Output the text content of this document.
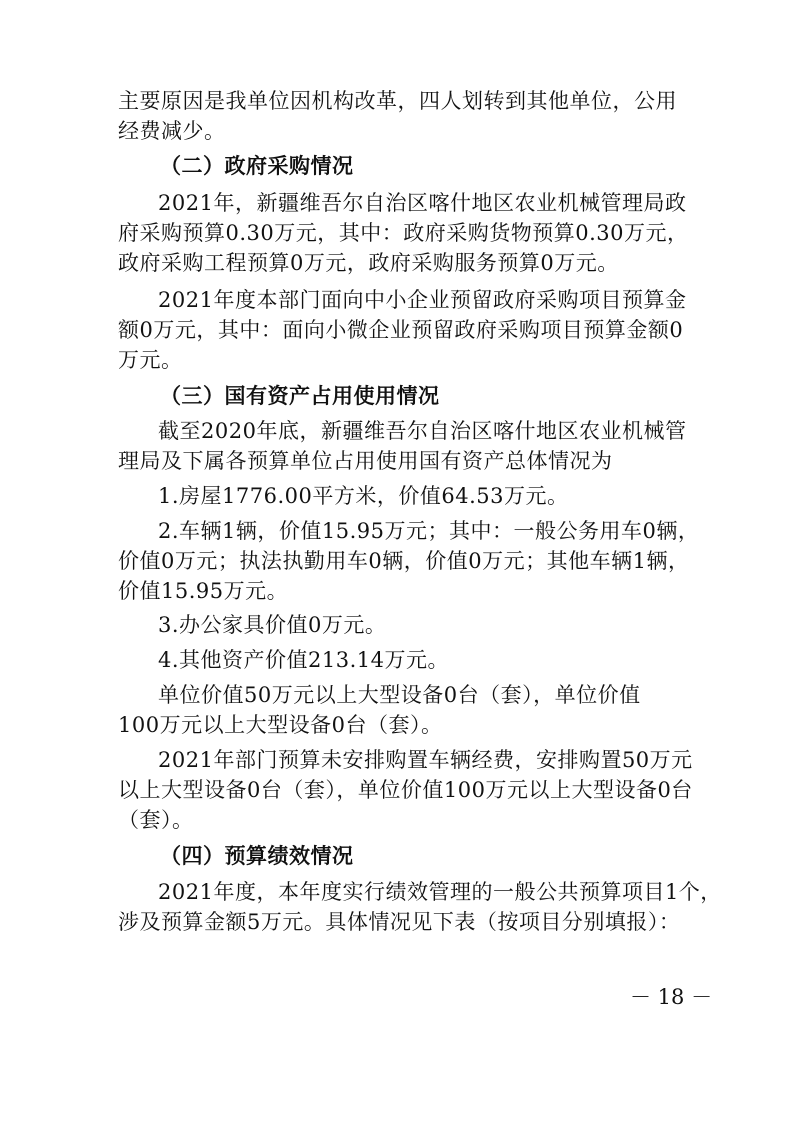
主要原因是我单位因机构改革，四人划转到其他单位，公用
经费减少。
（二）政府采购情况
2021年，新疆维吾尔自治区喀什地区农业机械管理局政
府采购预算0.30万元，其中：政府采购货物预算0.30万元，
政府采购工程预算0万元，政府采购服务预算0万元。
2021年度本部门面向中小企业预留政府采购项目预算金
额0万元，其中：面向小微企业预留政府采购项目预算金额0
万元。
（三）国有资产占用使用情况
截至2020年底，新疆维吾尔自治区喀什地区农业机械管
理局及下属各预算单位占用使用国有资产总体情况为
1.房屋1776.00平方米，价值64.53万元。
2.车辆1辆，价值15.95万元；其中：一般公务用车0辆，
价值0万元；执法执勤用车0辆，价值0万元；其他车辆1辆，
价值15.95万元。
3.办公家具价值0万元。
4.其他资产价值213.14万元。
单位价值50万元以上大型设备0台（套），单位价值
100万元以上大型设备0台（套）。
2021年部门预算未安排购置车辆经费，安排购置50万元
以上大型设备0台（套），单位价值100万元以上大型设备0台
（套）。
（四）预算绩效情况
2021年度，本年度实行绩效管理的一般公共预算项目1个，
涉及预算金额5万元。具体情况见下表（按项目分别填报）：
－ 18 －
